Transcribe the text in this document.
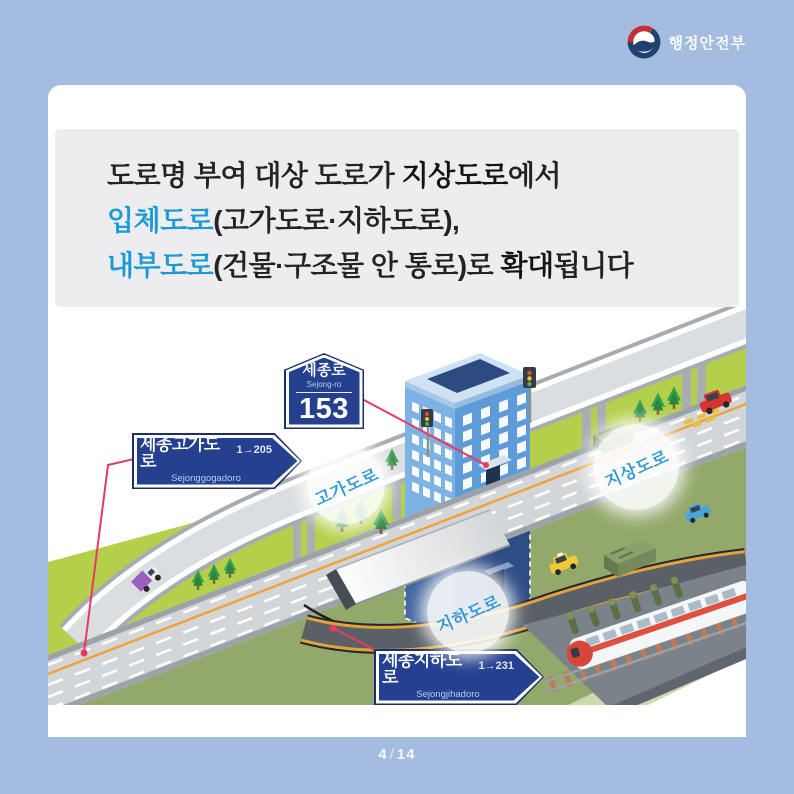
행정안전부

도로명 부여 대상 도로가 지상도로에서

입체도로(고가도로·지하도로),

내부도로(건물·구조물 안 통로)로 확대됩니다

세종로
Sejong-ro
153
세종고가도로
1→205
Sejonggogadoro
세종지하도로
1→231
Sejongjihadoro
고가도로	지상도로
지하도로
4 / 14
